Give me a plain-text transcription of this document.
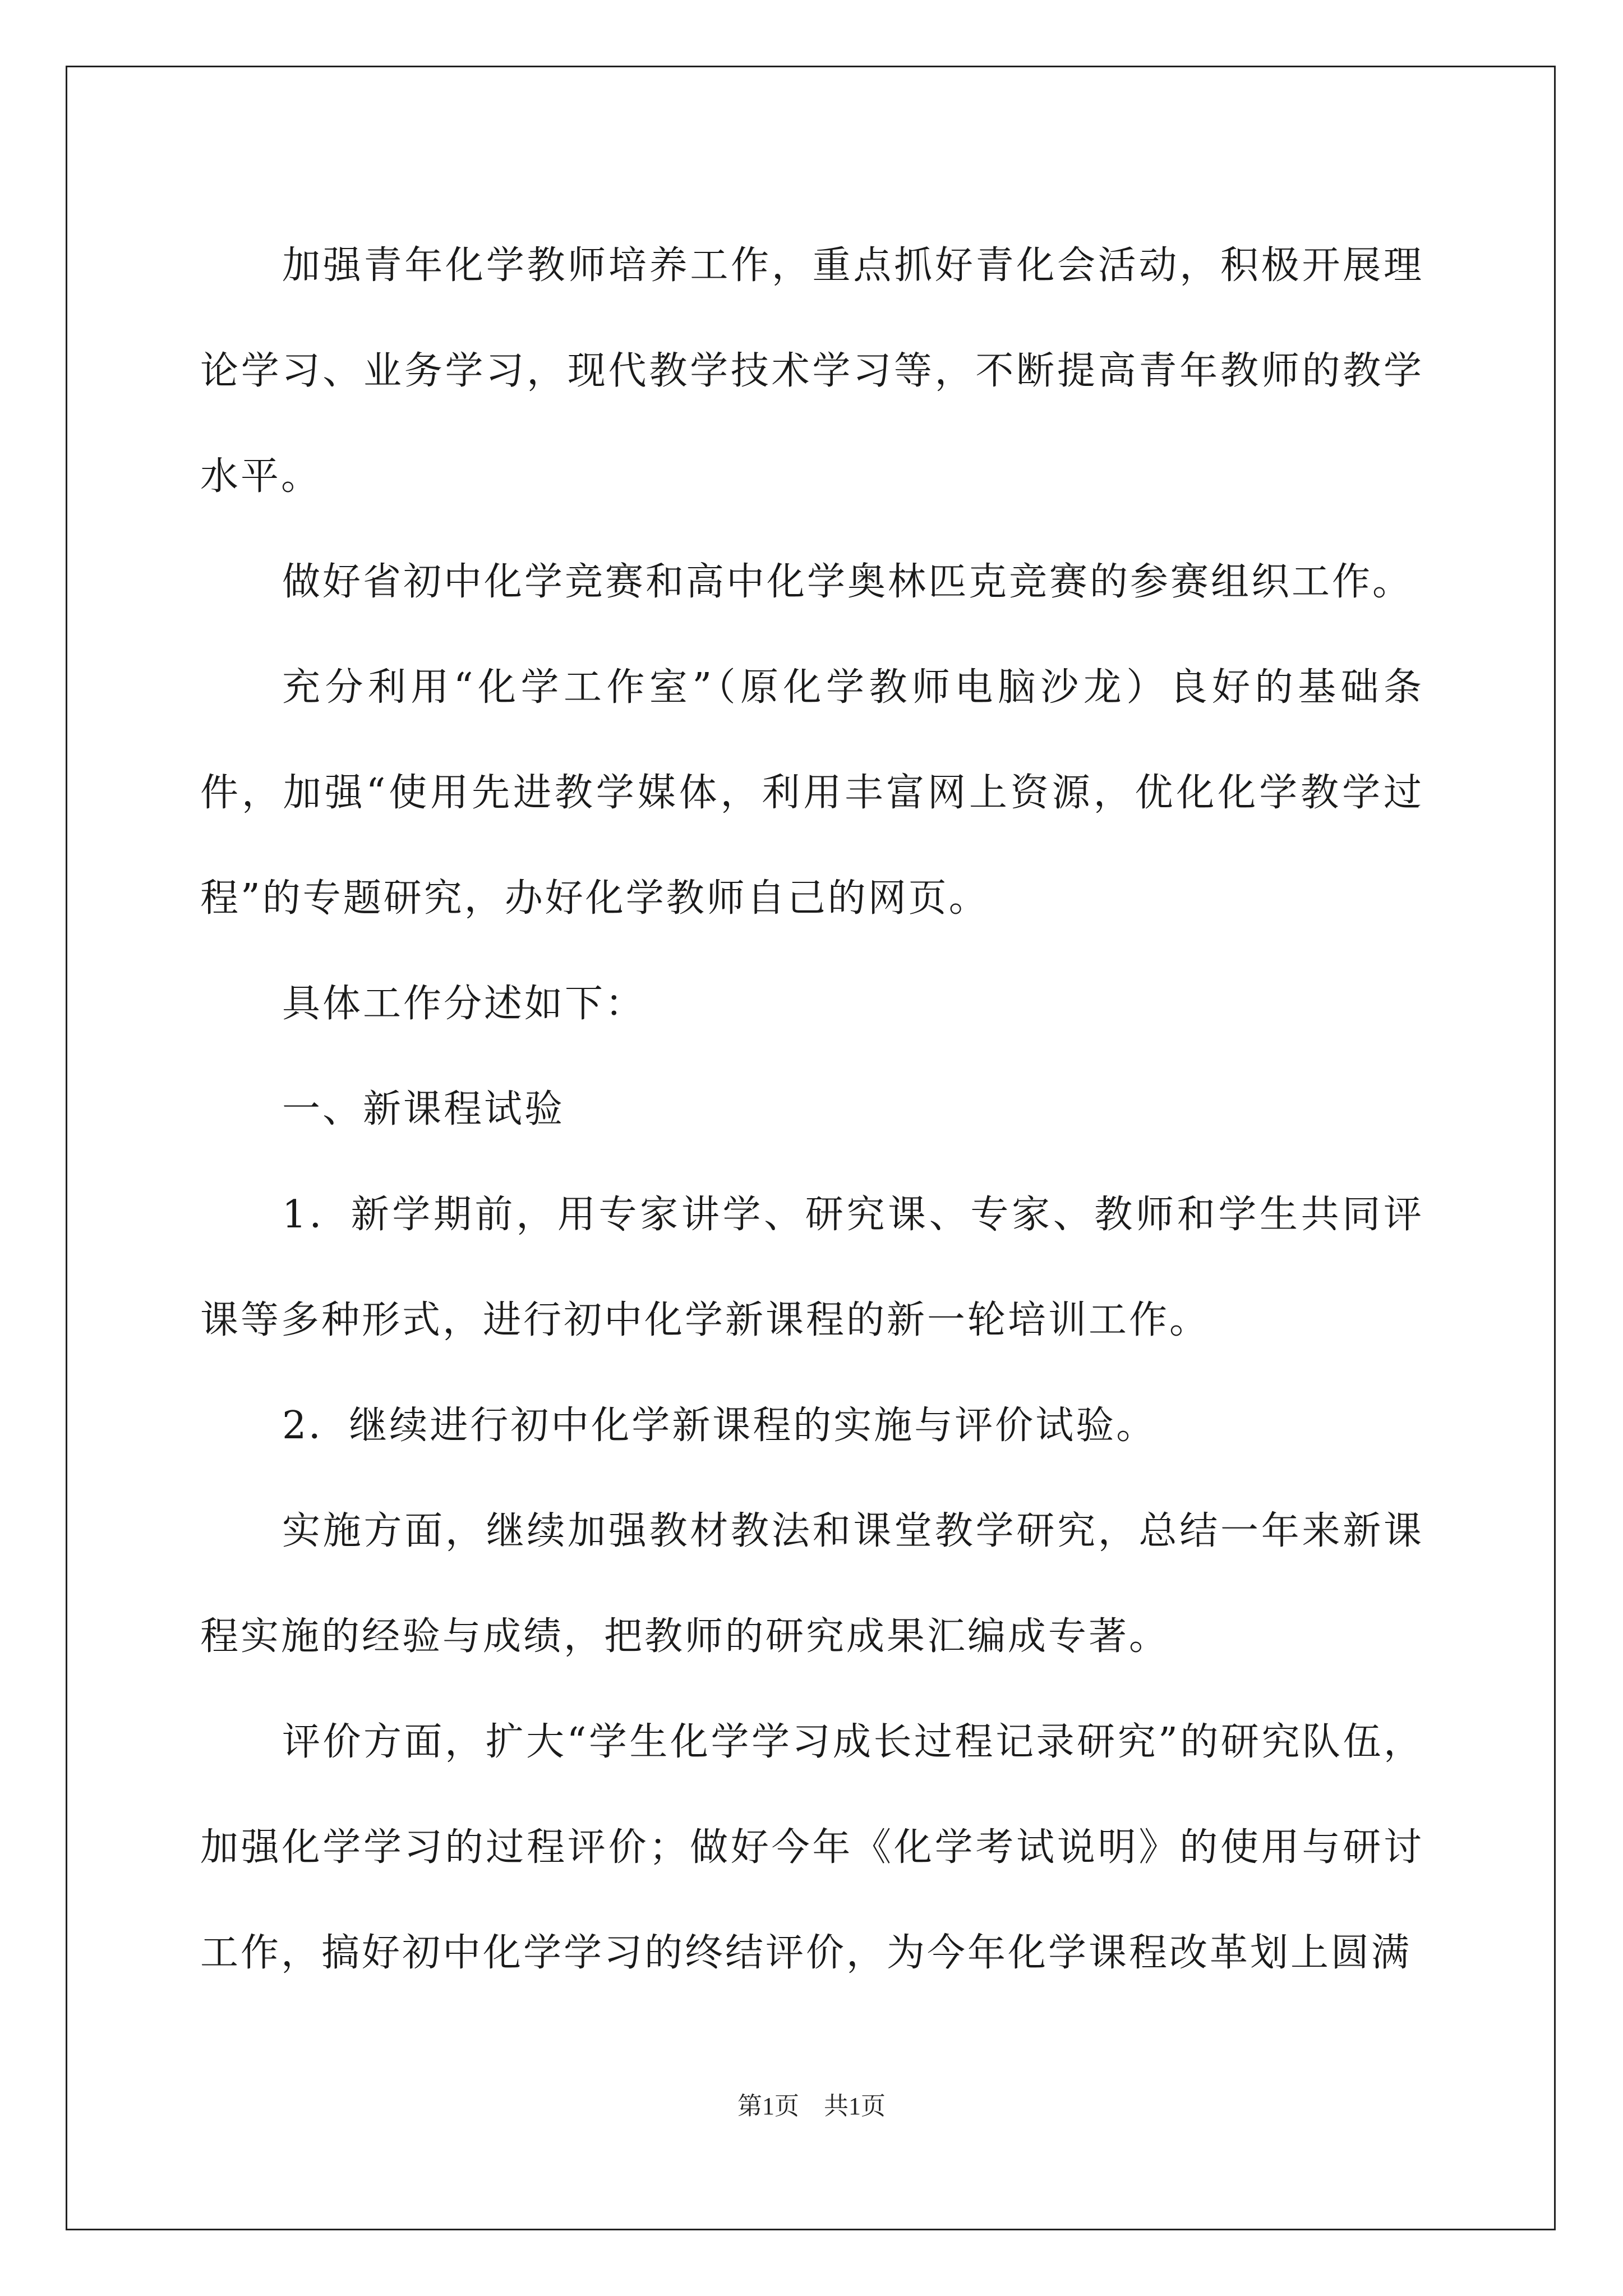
加强青年化学教师培养工作，重点抓好青化会活动，积极开展理论学习、业务学习，现代教学技术学习等，不断提高青年教师的教学水平。

做好省初中化学竞赛和高中化学奥林匹克竞赛的参赛组织工作。

充分利用“化学工作室”（原化学教师电脑沙龙）良好的基础条件，加强“使用先进教学媒体，利用丰富网上资源，优化化学教学过程”的专题研究，办好化学教师自己的网页。

具体工作分述如下：

一、新课程试验

1．新学期前，用专家讲学、研究课、专家、教师和学生共同评课等多种形式，进行初中化学新课程的新一轮培训工作。

2．继续进行初中化学新课程的实施与评价试验。

实施方面，继续加强教材教法和课堂教学研究，总结一年来新课程实施的经验与成绩，把教师的研究成果汇编成专著。

评价方面，扩大“学生化学学习成长过程记录研究”的研究队伍，加强化学学习的过程评价；做好今年《化学考试说明》的使用与研讨工作，搞好初中化学学习的终结评价，为今年化学课程改革划上圆满

第1页　共1页
